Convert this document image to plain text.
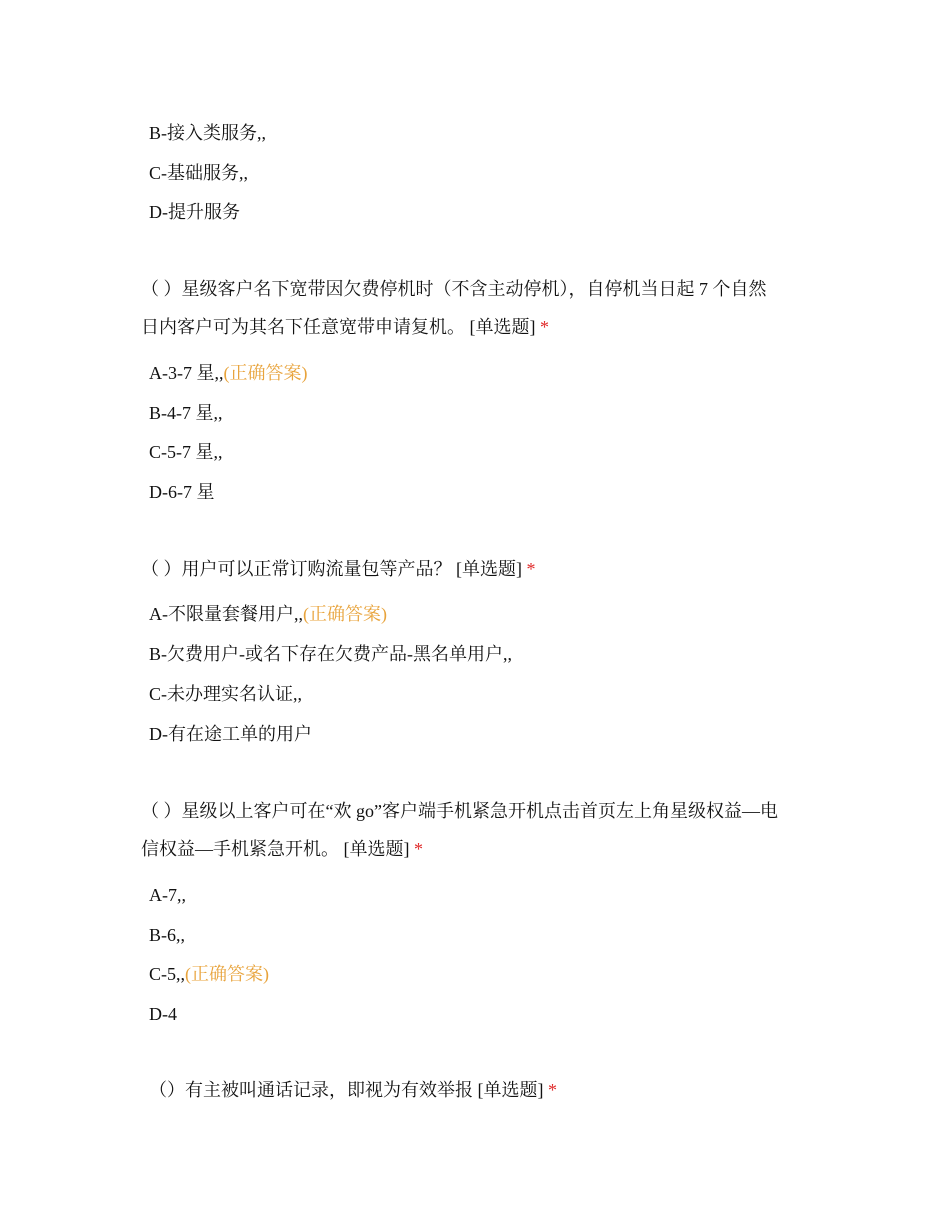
B-接入类服务,,
C-基础服务,,
D-提升服务
（ ）星级客户名下宽带因欠费停机时（不含主动停机），自停机当日起 7 个自然
日内客户可为其名下任意宽带申请复机。 [单选题] *
A-3-7 星,,(正确答案)
B-4-7 星,,
C-5-7 星,,
D-6-7 星
（ ）用户可以正常订购流量包等产品？ [单选题] *
A-不限量套餐用户,,(正确答案)
B-欠费用户-或名下存在欠费产品-黑名单用户,,
C-未办理实名认证,,
D-有在途工单的用户
（ ）星级以上客户可在“欢 go”客户端手机紧急开机点击首页左上角星级权益—电
信权益—手机紧急开机。 [单选题] *
A-7,,
B-6,,
C-5,,(正确答案)
D-4
（）有主被叫通话记录，即视为有效举报 [单选题] *
